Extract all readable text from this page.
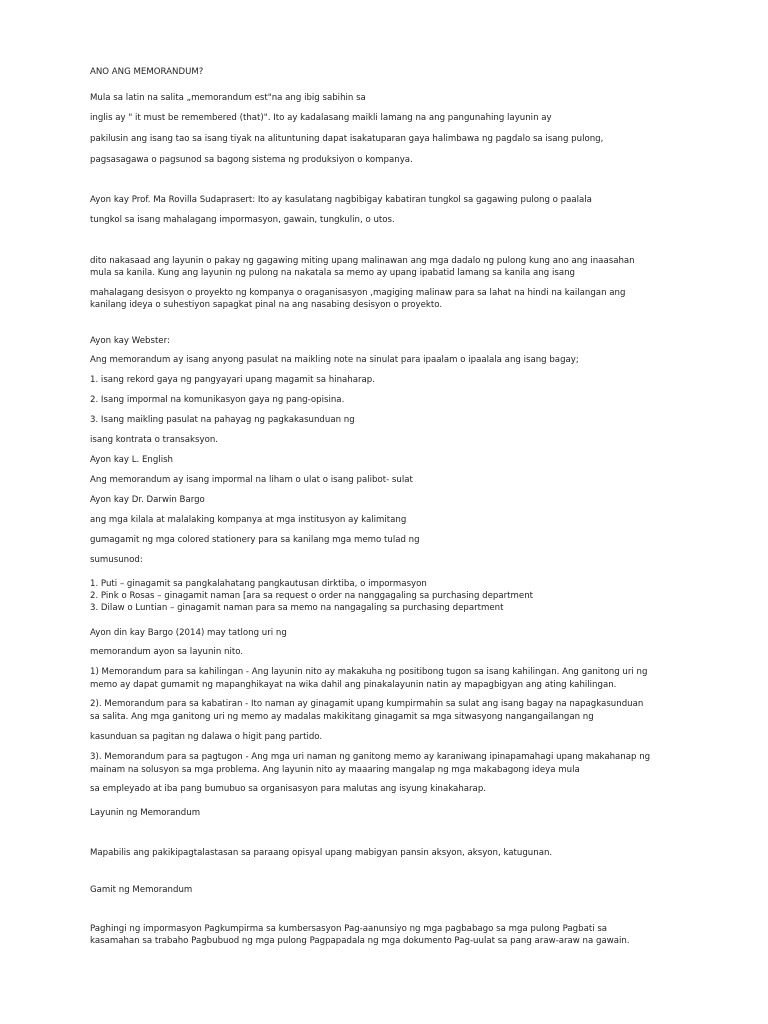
ANO ANG MEMORANDUM?

Mula sa latin na salita „memorandum est"na ang ibig sabihin sa

inglis ay " it must be remembered (that)". Ito ay kadalasang maikli lamang na ang pangunahing layunin ay

pakilusin ang isang tao sa isang tiyak na alituntuning dapat isakatuparan gaya halimbawa ng pagdalo sa isang pulong,

pagsasagawa o pagsunod sa bagong sistema ng produksiyon o kompanya.

Ayon kay Prof. Ma Rovilla Sudaprasert: Ito ay kasulatang nagbibigay kabatiran tungkol sa gagawing pulong o paalala

tungkol sa isang mahalagang impormasyon, gawain, tungkulin, o utos.

dito nakasaad ang layunin o pakay ng gagawing miting upang malinawan ang mga dadalo ng pulong kung ano ang inaasahan

mula sa kanila. Kung ang layunin ng pulong na nakatala sa memo ay upang ipabatid lamang sa kanila ang isang

mahalagang desisyon o proyekto ng kompanya o oraganisasyon ,magiging malinaw para sa lahat na hindi na kailangan ang

kanilang ideya o suhestiyon sapagkat pinal na ang nasabing desisyon o proyekto.

Ayon kay Webster:

Ang memorandum ay isang anyong pasulat na maikling note na sinulat para ipaalam o ipaalala ang isang bagay;

1. isang rekord gaya ng pangyayari upang magamit sa hinaharap.

2. Isang impormal na komunikasyon gaya ng pang-opisina.

3. Isang maikling pasulat na pahayag ng pagkakasunduan ng

isang kontrata o transaksyon.

Ayon kay L. English

Ang memorandum ay isang impormal na liham o ulat o isang palibot- sulat

Ayon kay Dr. Darwin Bargo

ang mga kilala at malalaking kompanya at mga institusyon ay kalimitang

gumagamit ng mga colored stationery para sa kanilang mga memo tulad ng

sumusunod:

1. Puti – ginagamit sa pangkalahatang pangkautusan dirktiba, o impormasyon

2. Pink o Rosas – ginagamit naman [ara sa request o order na nanggagaling sa purchasing department

3. Dilaw o Luntian – ginagamit naman para sa memo na nangagaling sa purchasing department

Ayon din kay Bargo (2014) may tatlong uri ng

memorandum ayon sa layunin nito.

1) Memorandum para sa kahilingan - Ang layunin nito ay makakuha ng positibong tugon sa isang kahilingan. Ang ganitong uri ng

memo ay dapat gumamit ng mapanghikayat na wika dahil ang pinakalayunin natin ay mapagbigyan ang ating kahilingan.

2). Memorandum para sa kabatiran - Ito naman ay ginagamit upang kumpirmahin sa sulat ang isang bagay na napagkasunduan

sa salita. Ang mga ganitong uri ng memo ay madalas makikitang ginagamit sa mga sitwasyong nangangailangan ng

kasunduan sa pagitan ng dalawa o higit pang partido.

3). Memorandum para sa pagtugon - Ang mga uri naman ng ganitong memo ay karaniwang ipinapamahagi upang makahanap ng

mainam na solusyon sa mga problema. Ang layunin nito ay maaaring mangalap ng mga makabagong ideya mula

sa empleyado at iba pang bumubuo sa organisasyon para malutas ang isyung kinakaharap.

Layunin ng Memorandum

Mapabilis ang pakikipagtalastasan sa paraang opisyal upang mabigyan pansin aksyon, aksyon, katugunan.

Gamit ng Memorandum

Paghingi ng impormasyon Pagkumpirma sa kumbersasyon Pag-aanunsiyo ng mga pagbabago sa mga pulong Pagbati sa

kasamahan sa trabaho Pagbubuod ng mga pulong Pagpapadala ng mga dokumento Pag-uulat sa pang araw-araw na gawain.
